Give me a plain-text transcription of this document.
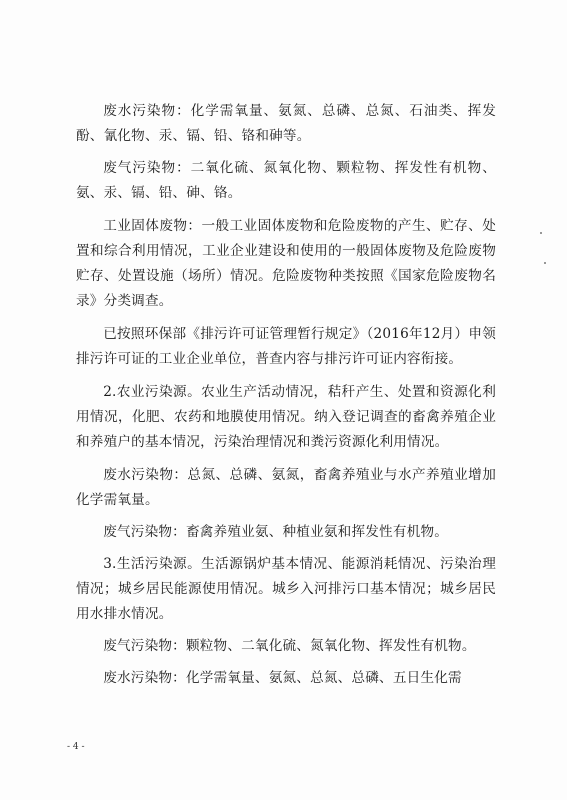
废水污染物：化学需氧量、氨氮、总磷、总氮、石油类、挥发酚、氰化物、汞、镉、铅、铬和砷等。

废气污染物：二氧化硫、氮氧化物、颗粒物、挥发性有机物、氨、汞、镉、铅、砷、铬。

工业固体废物：一般工业固体废物和危险废物的产生、贮存、处置和综合利用情况，工业企业建设和使用的一般固体废物及危险废物贮存、处置设施（场所）情况。危险废物种类按照《国家危险废物名录》分类调查。

已按照环保部《排污许可证管理暂行规定》（2016年12月）申领排污许可证的工业企业单位，普查内容与排污许可证内容衔接。

2.农业污染源。农业生产活动情况，秸秆产生、处置和资源化利用情况，化肥、农药和地膜使用情况。纳入登记调查的畜禽养殖企业和养殖户的基本情况，污染治理情况和粪污资源化利用情况。

废水污染物：总氮、总磷、氨氮，畜禽养殖业与水产养殖业增加化学需氧量。

废气污染物：畜禽养殖业氨、种植业氨和挥发性有机物。

3.生活污染源。生活源锅炉基本情况、能源消耗情况、污染治理情况；城乡居民能源使用情况。城乡入河排污口基本情况；城乡居民用水排水情况。

废气污染物：颗粒物、二氧化硫、氮氧化物、挥发性有机物。

废水污染物：化学需氧量、氨氮、总氮、总磷、五日生化需

- 4 -
